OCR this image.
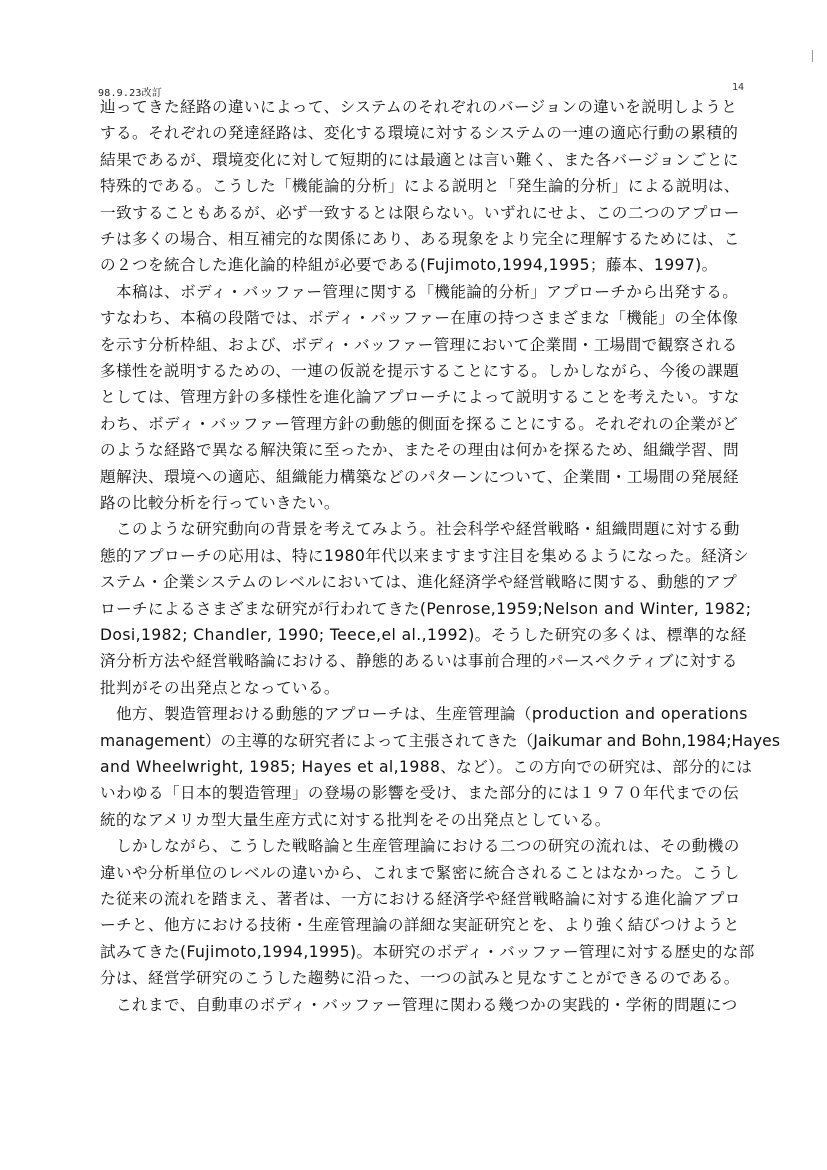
98.9.23改訂
14
辿ってきた経路の違いによって、システムのそれぞれのバージョンの違いを説明しようと
する。それぞれの発達経路は、変化する環境に対するシステムの一連の適応行動の累積的
結果であるが、環境変化に対して短期的には最適とは言い難く、また各バージョンごとに
特殊的である。こうした「機能論的分析」による説明と「発生論的分析」による説明は、
一致することもあるが、必ず一致するとは限らない。いずれにせよ、この二つのアプロー
チは多くの場合、相互補完的な関係にあり、ある現象をより完全に理解するためには、こ
の２つを統合した進化論的枠組が必要である(Fujimoto,1994,1995；藤本、1997)。
　本稿は、ボディ・バッファー管理に関する「機能論的分析」アプローチから出発する。
すなわち、本稿の段階では、ボディ・バッファー在庫の持つさまざまな「機能」の全体像
を示す分析枠組、および、ボディ・バッファー管理において企業間・工場間で観察される
多様性を説明するための、一連の仮説を提示することにする。しかしながら、今後の課題
としては、管理方針の多様性を進化論アプローチによって説明することを考えたい。すな
わち、ボディ・バッファー管理方針の動態的側面を探ることにする。それぞれの企業がど
のような経路で異なる解決策に至ったか、またその理由は何かを探るため、組織学習、問
題解決、環境への適応、組織能力構築などのパターンについて、企業間・工場間の発展経
路の比較分析を行っていきたい。
　このような研究動向の背景を考えてみよう。社会科学や経営戦略・組織問題に対する動
態的アプローチの応用は、特に1980年代以来ますます注目を集めるようになった。経済シ
ステム・企業システムのレベルにおいては、進化経済学や経営戦略に関する、動態的アプ
ローチによるさまざまな研究が行われてきた(Penrose,1959;Nelson and Winter, 1982;
Dosi,1982; Chandler, 1990; Teece,el al.,1992)。そうした研究の多くは、標準的な経
済分析方法や経営戦略論における、静態的あるいは事前合理的パースペクティブに対する
批判がその出発点となっている。
　他方、製造管理おける動態的アプローチは、生産管理論（production and operations
management）の主導的な研究者によって主張されてきた（Jaikumar and Bohn,1984;Hayes
and Wheelwright, 1985; Hayes et al,1988、など）。この方向での研究は、部分的には
いわゆる「日本的製造管理」の登場の影響を受け、また部分的には１９７０年代までの伝
統的なアメリカ型大量生産方式に対する批判をその出発点としている。
　しかしながら、こうした戦略論と生産管理論における二つの研究の流れは、その動機の
違いや分析単位のレベルの違いから、これまで緊密に統合されることはなかった。こうし
た従来の流れを踏まえ、著者は、一方における経済学や経営戦略論に対する進化論アプロ
ーチと、他方における技術・生産管理論の詳細な実証研究とを、より強く結びつけようと
試みてきた(Fujimoto,1994,1995)。本研究のボディ・バッファー管理に対する歴史的な部
分は、経営学研究のこうした趨勢に沿った、一つの試みと見なすことができるのである。
　これまで、自動車のボディ・バッファー管理に関わる幾つかの実践的・学術的問題につ
